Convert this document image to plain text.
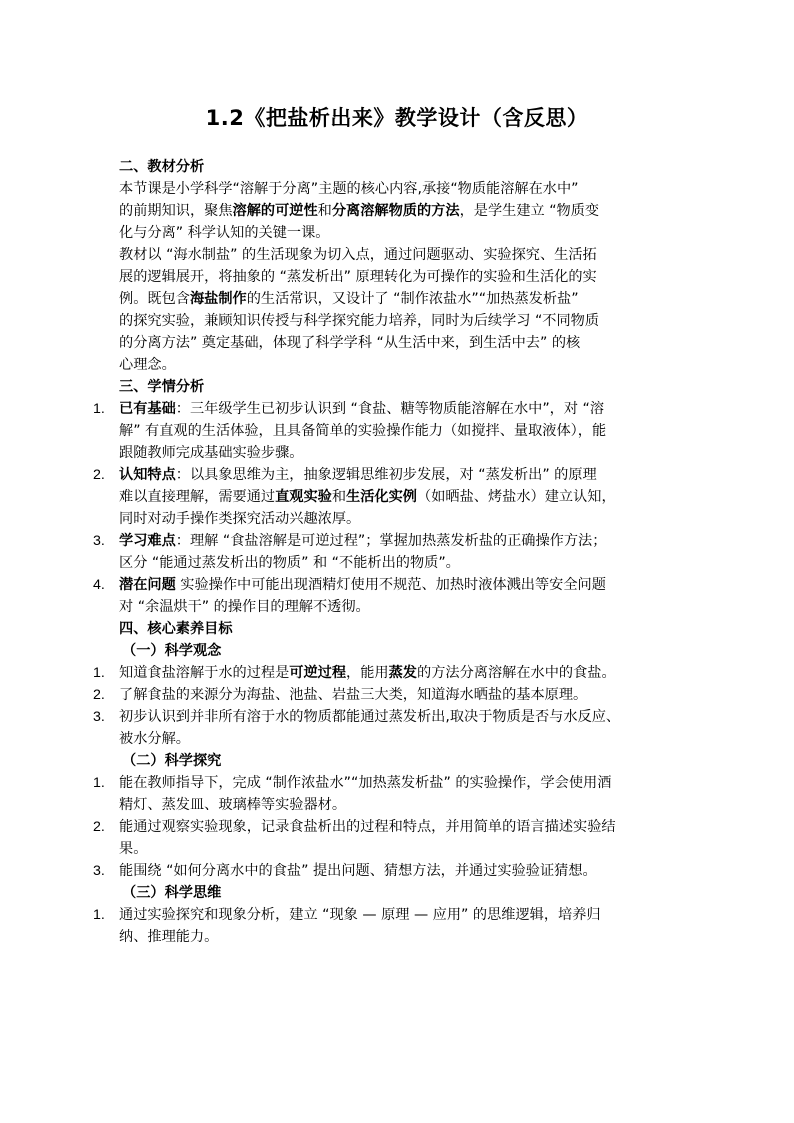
1.2《把盐析出来》教学设计（含反思）
二、教材分析
本节课是小学科学“溶解于分离”主题的核心内容,承接“物质能溶解在水中”
的前期知识，聚焦溶解的可逆性和分离溶解物质的方法，是学生建立 “物质变
化与分离” 科学认知的关键一课。
教材以 “海水制盐” 的生活现象为切入点，通过问题驱动、实验探究、生活拓
展的逻辑展开，将抽象的 “蒸发析出” 原理转化为可操作的实验和生活化的实
例。既包含海盐制作的生活常识，又设计了 “制作浓盐水”“加热蒸发析盐”
的探究实验，兼顾知识传授与科学探究能力培养，同时为后续学习 “不同物质
的分离方法” 奠定基础，体现了科学学科 “从生活中来，到生活中去” 的核
心理念。
三、学情分析
1. 已有基础：三年级学生已初步认识到 “食盐、糖等物质能溶解在水中”，对 “溶
解” 有直观的生活体验，且具备简单的实验操作能力（如搅拌、量取液体），能
跟随教师完成基础实验步骤。
2. 认知特点：以具象思维为主，抽象逻辑思维初步发展，对 “蒸发析出” 的原理
难以直接理解，需要通过直观实验和生活化实例（如晒盐、烤盐水）建立认知，
同时对动手操作类探究活动兴趣浓厚。
3. 学习难点：理解 “食盐溶解是可逆过程”；掌握加热蒸发析盐的正确操作方法；
区分 “能通过蒸发析出的物质” 和 “不能析出的物质”。
4. 潜在问题 实验操作中可能出现酒精灯使用不规范、加热时液体溅出等安全问题
对 “余温烘干” 的操作目的理解不透彻。
四、核心素养目标
（一）科学观念
1. 知道食盐溶解于水的过程是可逆过程，能用蒸发的方法分离溶解在水中的食盐。
2. 了解食盐的来源分为海盐、池盐、岩盐三大类，知道海水晒盐的基本原理。
3. 初步认识到并非所有溶于水的物质都能通过蒸发析出,取决于物质是否与水反应、
被水分解。
（二）科学探究
1. 能在教师指导下，完成 “制作浓盐水”“加热蒸发析盐” 的实验操作，学会使用酒
精灯、蒸发皿、玻璃棒等实验器材。
2. 能通过观察实验现象，记录食盐析出的过程和特点，并用简单的语言描述实验结
果。
3. 能围绕 “如何分离水中的食盐” 提出问题、猜想方法，并通过实验验证猜想。
（三）科学思维
1. 通过实验探究和现象分析，建立 “现象 — 原理 — 应用” 的思维逻辑，培养归
纳、推理能力。
